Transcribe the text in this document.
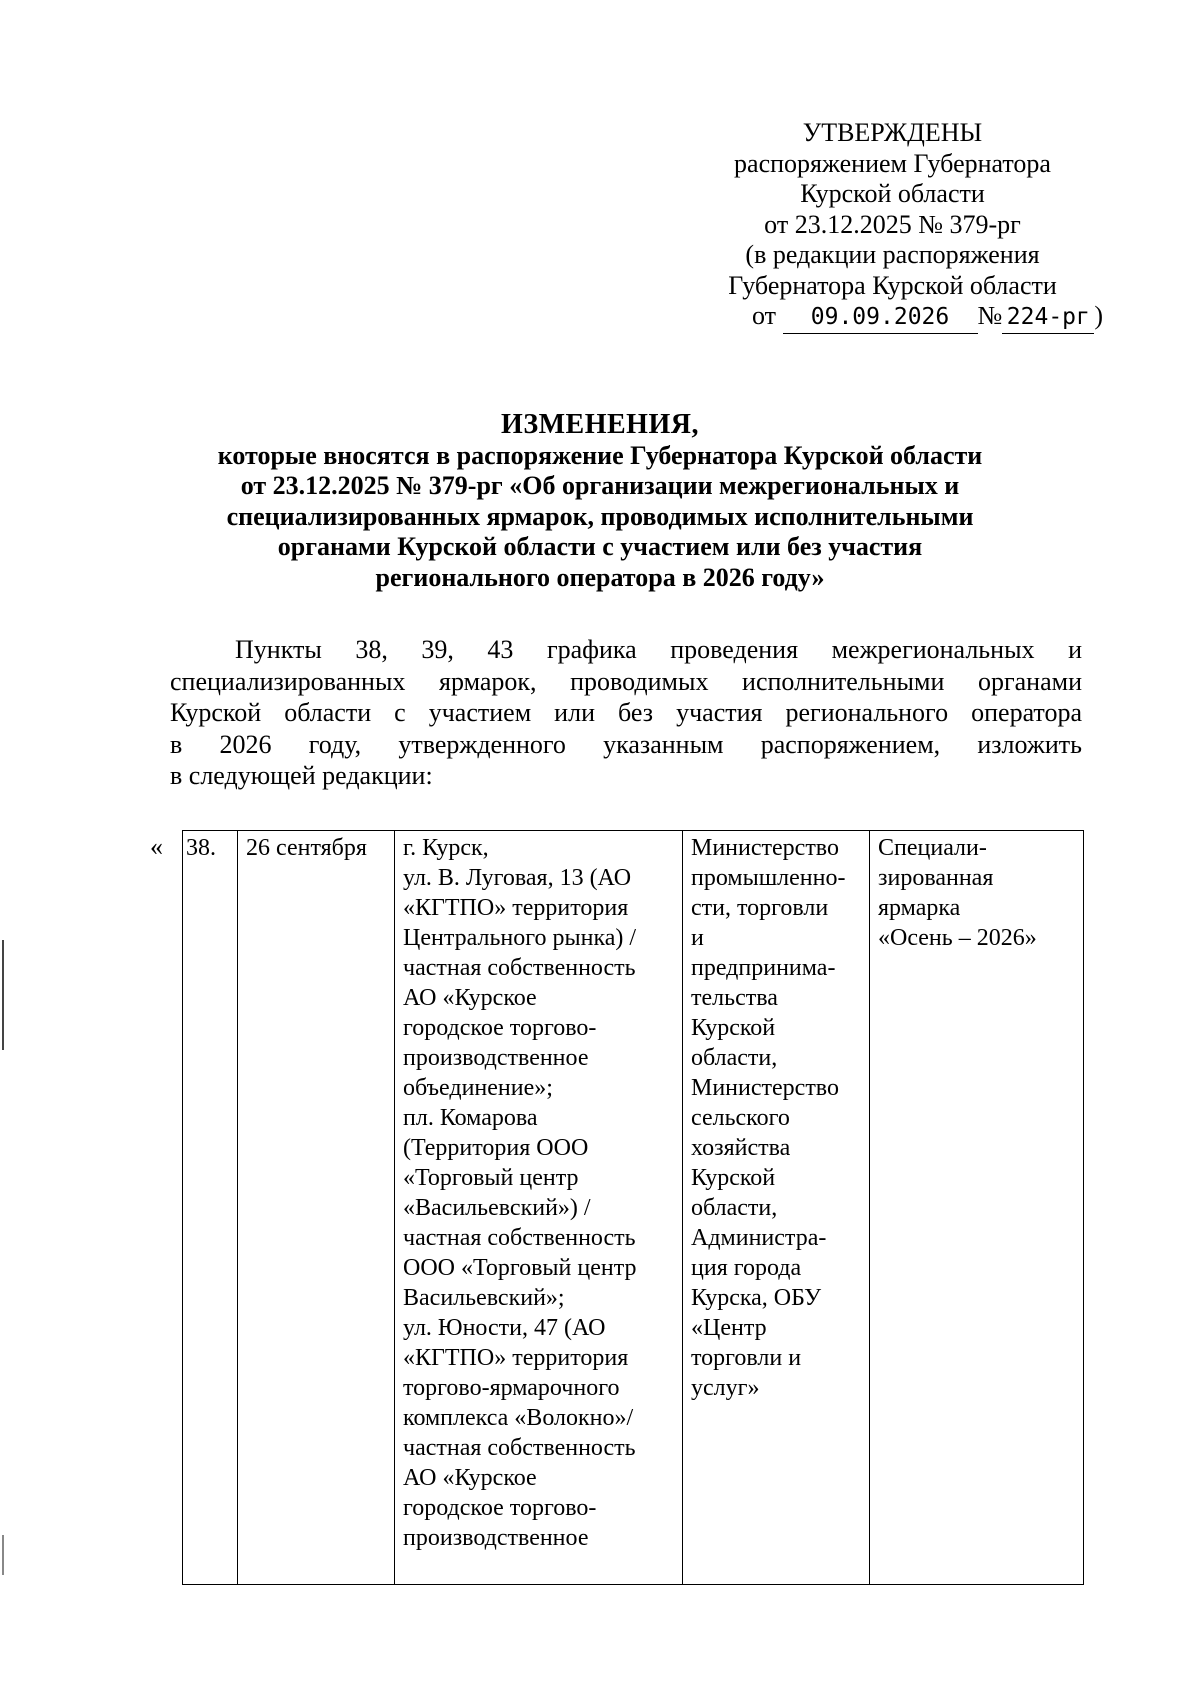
УТВЕРЖДЕНЫ
распоряжением Губернатора
Курской области
от 23.12.2025 № 379-рг
(в редакции распоряжения
Губернатора Курской области
от 09.09.2026 № 224-рг )
ИЗМЕНЕНИЯ,
которые вносятся в распоряжение Губернатора Курской области
от 23.12.2025 № 379-рг «Об организации межрегиональных и
специализированных ярмарок, проводимых исполнительными
органами Курской области с участием или без участия
регионального оператора в 2026 году»
Пункты 38, 39, 43 графика проведения межрегиональных и
специализированных ярмарок, проводимых исполнительными органами
Курской области с участием или без участия регионального оператора
в 2026 году, утвержденного указанным распоряжением, изложить
в следующей редакции:
« 38.	26 сентября	г. Курск,
ул. В. Луговая, 13 (АО
«КГТПО» территория
Центрального рынка) /
частная собственность
АО «Курское
городское торгово-
производственное
объединение»;
пл. Комарова
(Территория ООО
«Торговый центр
«Васильевский») /
частная собственность
ООО «Торговый центр
Васильевский»;
ул. Юности, 47 (АО
«КГТПО» территория
торгово-ярмарочного
комплекса «Волокно»/
частная собственность
АО «Курское
городское торгово-
производственное

Министерство
промышленно-
сти, торговли
и
предпринима-
тельства
Курской
области,
Министерство
сельского
хозяйства
Курской
области,
Администра-
ция города
Курска, ОБУ
«Центр
торговли и
услуг»

Специали-
зированная
ярмарка
«Осень – 2026»
